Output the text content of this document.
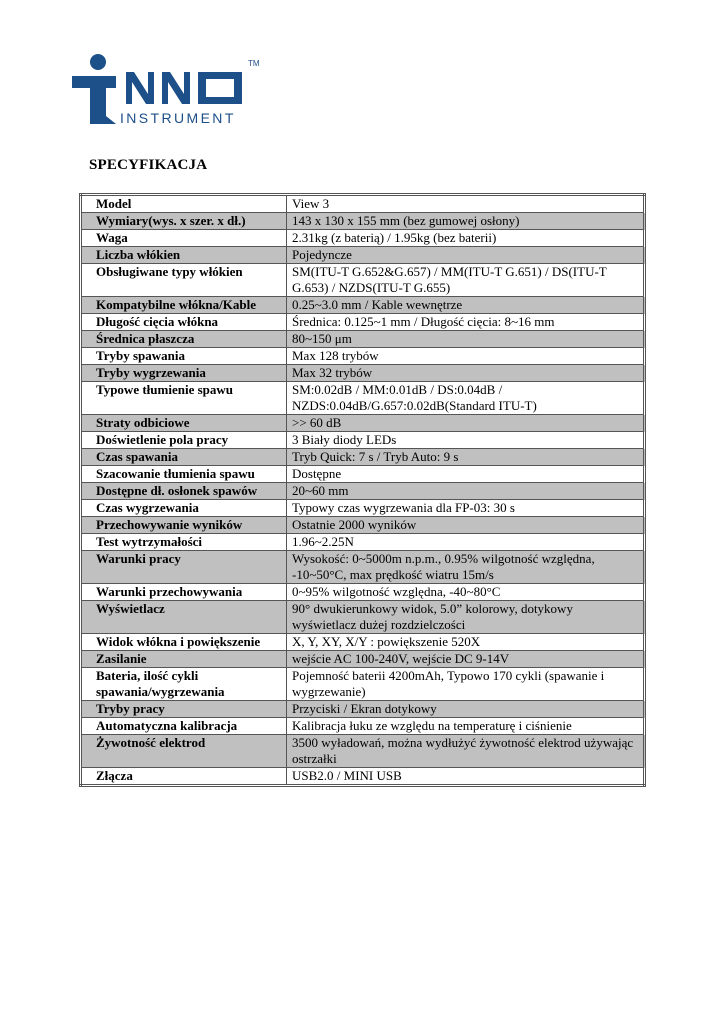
INSTRUMENT
TM
SPECYFIKACJA
Model	View 3
Wymiary(wys. x szer. x dł.)	143 x 130 x 155 mm (bez gumowej osłony)
Waga	2.31kg (z baterią) / 1.95kg (bez baterii)
Liczba włókien	Pojedyncze
Obsługiwane typy włókien	SM(ITU-T G.652&G.657) / MM(ITU-T G.651) / DS(ITU-T G.653) / NZDS(ITU-T G.655)
Kompatybilne włókna/Kable	0.25~3.0 mm / Kable wewnętrze
Długość cięcia włókna	Średnica: 0.125~1 mm / Długość cięcia: 8~16 mm
Średnica płaszcza	80~150 μm
Tryby spawania	Max 128 trybów
Tryby wygrzewania	Max 32 trybów
Typowe tłumienie spawu	SM:0.02dB / MM:0.01dB / DS:0.04dB / NZDS:0.04dB/G.657:0.02dB(Standard ITU-T)
Straty odbiciowe	>> 60 dB
Doświetlenie pola pracy	3 Biały diody LEDs
Czas spawania	Tryb Quick: 7 s / Tryb Auto: 9 s
Szacowanie tłumienia spawu	Dostępne
Dostępne dł. osłonek spawów	20~60 mm
Czas wygrzewania	Typowy czas wygrzewania dla FP-03: 30 s
Przechowywanie wyników	Ostatnie 2000 wyników
Test wytrzymałości	1.96~2.25N
Warunki pracy	Wysokość: 0~5000m n.p.m., 0.95% wilgotność względna, -10~50°C, max prędkość wiatru 15m/s
Warunki przechowywania	0~95% wilgotność względna, -40~80°C
Wyświetlacz	90° dwukierunkowy widok, 5.0” kolorowy, dotykowy wyświetlacz dużej rozdzielczości
Widok włókna i powiększenie	X, Y, XY, X/Y : powiększenie 520X
Zasilanie	wejście AC 100-240V, wejście DC 9-14V
Bateria, ilość cykli spawania/wygrzewania	Pojemność baterii 4200mAh, Typowo 170 cykli (spawanie i wygrzewanie)
Tryby pracy	Przyciski / Ekran dotykowy
Automatyczna kalibracja	Kalibracja łuku ze względu na temperaturę i ciśnienie
Żywotność elektrod	3500 wyładowań, można wydłużyć żywotność elektrod używając ostrzałki
Złącza	USB2.0 / MINI USB
